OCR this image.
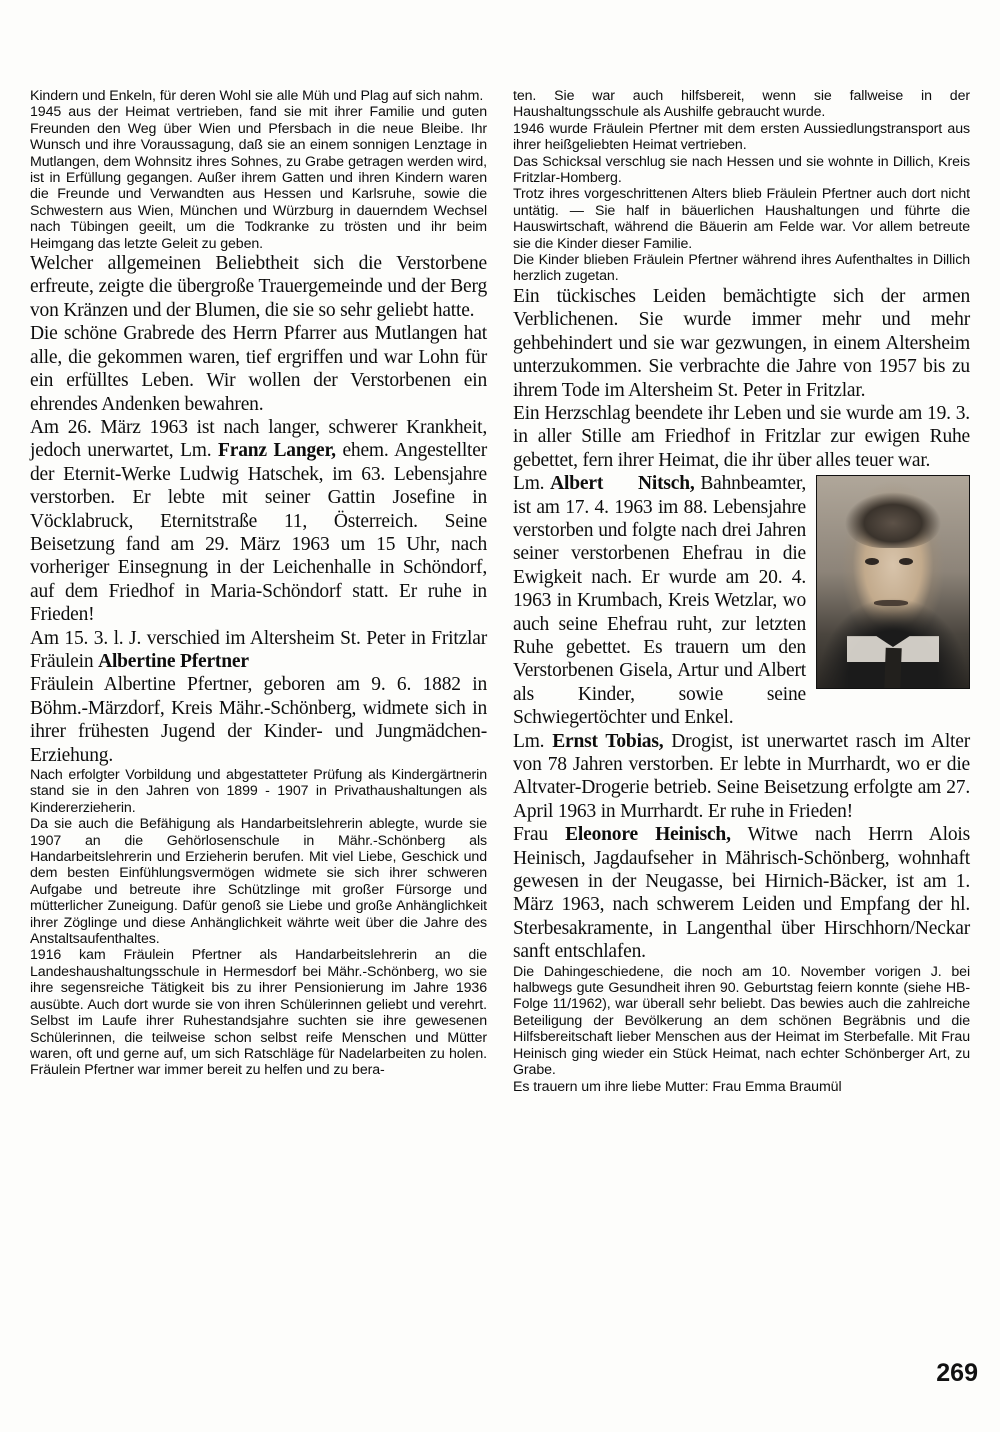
Kindern und Enkeln, für deren Wohl sie alle Müh und Plag auf sich nahm.

1945 aus der Heimat vertrieben, fand sie mit ihrer Familie und guten Freunden den Weg über Wien und Pfersbach in die neue Bleibe. Ihr Wunsch und ihre Voraussagung, daß sie an einem sonnigen Lenztage in Mutlangen, dem Wohnsitz ihres Sohnes, zu Grabe getragen werden wird, ist in Erfüllung gegangen. Außer ihrem Gatten und ihren Kindern waren die Freunde und Verwandten aus Hessen und Karlsruhe, sowie die Schwestern aus Wien, München und Würzburg in dauerndem Wechsel nach Tübingen geeilt, um die Todkranke zu trösten und ihr beim Heimgang das letzte Geleit zu geben.

Welcher allgemeinen Beliebtheit sich die Verstorbene erfreute, zeigte die übergroße Trauergemeinde und der Berg von Kränzen und der Blumen, die sie so sehr geliebt hatte.

Die schöne Grabrede des Herrn Pfarrer aus Mutlangen hat alle, die gekommen waren, tief ergriffen und war Lohn für ein erfülltes Leben. Wir wollen der Verstorbenen ein ehrendes Andenken bewahren.

Am 26. März 1963 ist nach langer, schwerer Krankheit, jedoch unerwartet, Lm. Franz Langer, ehem. Angestellter der Eternit-Werke Ludwig Hatschek, im 63. Lebensjahre verstorben. Er lebte mit seiner Gattin Josefine in Vöcklabruck, Eternitstraße 11, Österreich. Seine Beisetzung fand am 29. März 1963 um 15 Uhr, nach vorheriger Einsegnung in der Leichenhalle in Schöndorf, auf dem Friedhof in Maria-Schöndorf statt. Er ruhe in Frieden!

Am 15. 3. l. J. verschied im Altersheim St. Peter in Fritzlar Fräulein Albertine Pfertner

Fräulein Albertine Pfertner, geboren am 9. 6. 1882 in Böhm.-Märzdorf, Kreis Mähr.-Schönberg, widmete sich in ihrer frühesten Jugend der Kinder- und Jungmädchen-Erziehung.

Nach erfolgter Vorbildung und abgestatteter Prüfung als Kindergärtnerin stand sie in den Jahren von 1899 - 1907 in Privathaushaltungen als Kindererzieherin.

Da sie auch die Befähigung als Handarbeitslehrerin ablegte, wurde sie 1907 an die Gehörlosenschule in Mähr.-Schönberg als Handarbeitslehrerin und Erzieherin berufen. Mit viel Liebe, Geschick und dem besten Einfühlungsvermögen widmete sie sich ihrer schweren Aufgabe und betreute ihre Schützlinge mit großer Fürsorge und mütterlicher Zuneigung. Dafür genoß sie Liebe und große Anhänglichkeit ihrer Zöglinge und diese Anhänglichkeit währte weit über die Jahre des Anstaltsaufenthaltes.

1916 kam Fräulein Pfertner als Handarbeitslehrerin an die Landeshaushaltungsschule in Hermesdorf bei Mähr.-Schönberg, wo sie ihre segensreiche Tätigkeit bis zu ihrer Pensionierung im Jahre 1936 ausübte. Auch dort wurde sie von ihren Schülerinnen geliebt und verehrt. Selbst im Laufe ihrer Ruhestandsjahre suchten sie ihre gewesenen Schülerinnen, die teilweise schon selbst reife Menschen und Mütter waren, oft und gerne auf, um sich Ratschläge für Nadelarbeiten zu holen. Fräulein Pfertner war immer bereit zu helfen und zu bera-

ten. Sie war auch hilfsbereit, wenn sie fallweise in der Haushaltungsschule als Aushilfe gebraucht wurde.

1946 wurde Fräulein Pfertner mit dem ersten Aussiedlungstransport aus ihrer heißgeliebten Heimat vertrieben.

Das Schicksal verschlug sie nach Hessen und sie wohnte in Dillich, Kreis Fritzlar-Homberg.

Trotz ihres vorgeschrittenen Alters blieb Fräulein Pfertner auch dort nicht untätig. — Sie half in bäuerlichen Haushaltungen und führte die Hauswirtschaft, während die Bäuerin am Felde war. Vor allem betreute sie die Kinder dieser Familie.

Die Kinder blieben Fräulein Pfertner während ihres Aufenthaltes in Dillich herzlich zugetan.

Ein tückisches Leiden bemächtigte sich der armen Verblichenen. Sie wurde immer mehr und mehr gehbehindert und sie war gezwungen, in einem Altersheim unterzukommen. Sie verbrachte die Jahre von 1957 bis zu ihrem Tode im Altersheim St. Peter in Fritzlar.

Ein Herzschlag beendete ihr Leben und sie wurde am 19. 3. in aller Stille am Friedhof in Fritzlar zur ewigen Ruhe gebettet, fern ihrer Heimat, die ihr über alles teuer war.

Lm. Albert      Nitsch, Bahnbeamter, ist am 17. 4. 1963 im 88. Lebensjahre verstorben und folgte nach drei Jahren seiner verstorbenen Ehefrau in die Ewigkeit nach. Er wurde am 20. 4. 1963 in Krumbach, Kreis Wetzlar, wo auch seine Ehefrau ruht, zur letzten Ruhe gebettet. Es trauern um den Verstorbenen Gisela, Artur und Albert als Kinder, sowie seine Schwiegertöchter und Enkel.

Lm. Ernst Tobias, Drogist, ist unerwartet rasch im Alter von 78 Jahren verstorben. Er lebte in Murrhardt, wo er die Altvater-Drogerie betrieb. Seine Beisetzung erfolgte am 27. April 1963 in Murrhardt. Er ruhe in Frieden!

Frau Eleonore Heinisch, Witwe nach Herrn Alois Heinisch, Jagdaufseher in Mährisch-Schönberg, wohnhaft gewesen in der Neugasse, bei Hirnich-Bäcker, ist am 1. März 1963, nach schwerem Leiden und Empfang der hl. Sterbesakramente, in Langenthal über Hirschhorn/Neckar sanft entschlafen.

Die Dahingeschiedene, die noch am 10. November vorigen J. bei halbwegs gute Gesundheit ihren 90. Geburtstag feiern konnte (siehe HB-Folge 11/1962), war überall sehr beliebt. Das bewies auch die zahlreiche Beteiligung der Bevölkerung an dem schönen Begräbnis und die Hilfsbereitschaft lieber Menschen aus der Heimat im Sterbefalle. Mit Frau Heinisch ging wieder ein Stück Heimat, nach echter Schönberger Art, zu Grabe.

Es trauern um ihre liebe Mutter: Frau Emma Braumül

269
